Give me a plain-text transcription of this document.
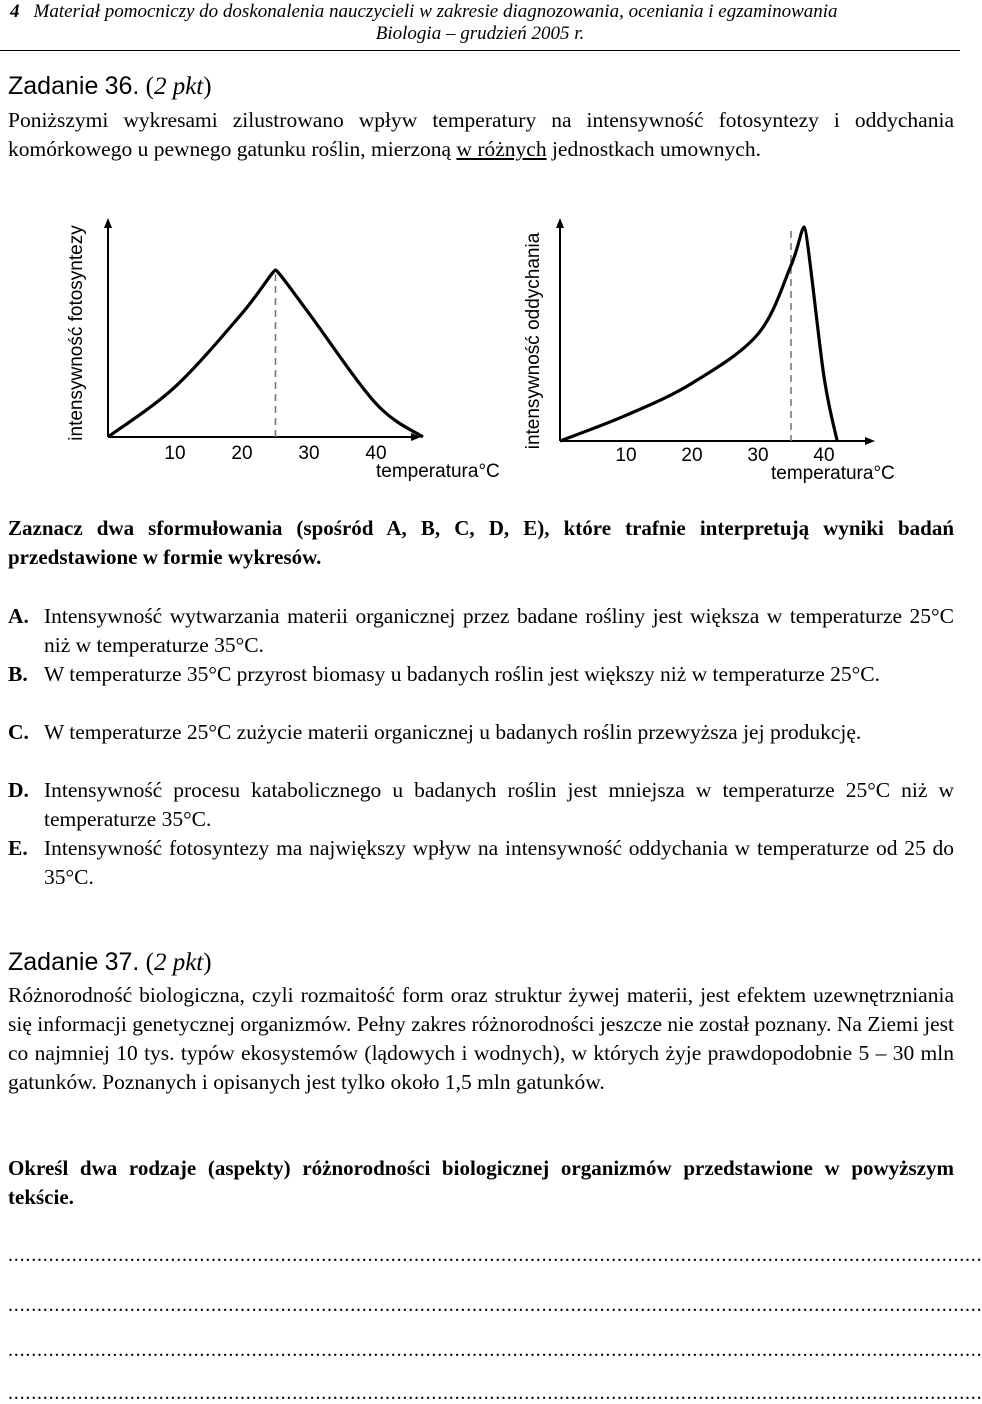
4 Materiał pomocniczy do doskonalenia nauczycieli w zakresie diagnozowania, oceniania i egzaminowania
Biologia – grudzień 2005 r.
Zadanie 36. (2 pkt)
Poniższymi wykresami zilustrowano wpływ temperatury na intensywność fotosyntezy i oddychania komórkowego u pewnego gatunku roślin, mierzoną w różnych jednostkach umownych.
intensywność fotosyntezy
10 20 30 40
temperatura°C
intensywność oddychania
10 20 30 40
temperatura°C
Zaznacz dwa sformułowania (spośród A, B, C, D, E), które trafnie interpretują wyniki badań przedstawione w formie wykresów.
A. Intensywność wytwarzania materii organicznej przez badane rośliny jest większa w temperaturze 25°C niż w temperaturze 35°C.
B. W temperaturze 35°C przyrost biomasy u badanych roślin jest większy niż w temperaturze 25°C.
C. W temperaturze 25°C zużycie materii organicznej u badanych roślin przewyższa jej produkcję.
D. Intensywność procesu katabolicznego u badanych roślin jest mniejsza w temperaturze 25°C niż w temperaturze 35°C.
E. Intensywność fotosyntezy ma największy wpływ na intensywność oddychania w temperaturze od 25 do 35°C.
Zadanie 37. (2 pkt)
Różnorodność biologiczna, czyli rozmaitość form oraz struktur żywej materii, jest efektem uzewnętrzniania się informacji genetycznej organizmów. Pełny zakres różnorodności jeszcze nie został poznany. Na Ziemi jest co najmniej 10 tys. typów ekosystemów (lądowych i wodnych), w których żyje prawdopodobnie 5 – 30 mln gatunków. Poznanych i opisanych jest tylko około 1,5 mln gatunków.
Określ dwa rodzaje (aspekty) różnorodności biologicznej organizmów przedstawione w powyższym tekście.
........................................................................................................................................................................
........................................................................................................................................................................
........................................................................................................................................................................
........................................................................................................................................................................
